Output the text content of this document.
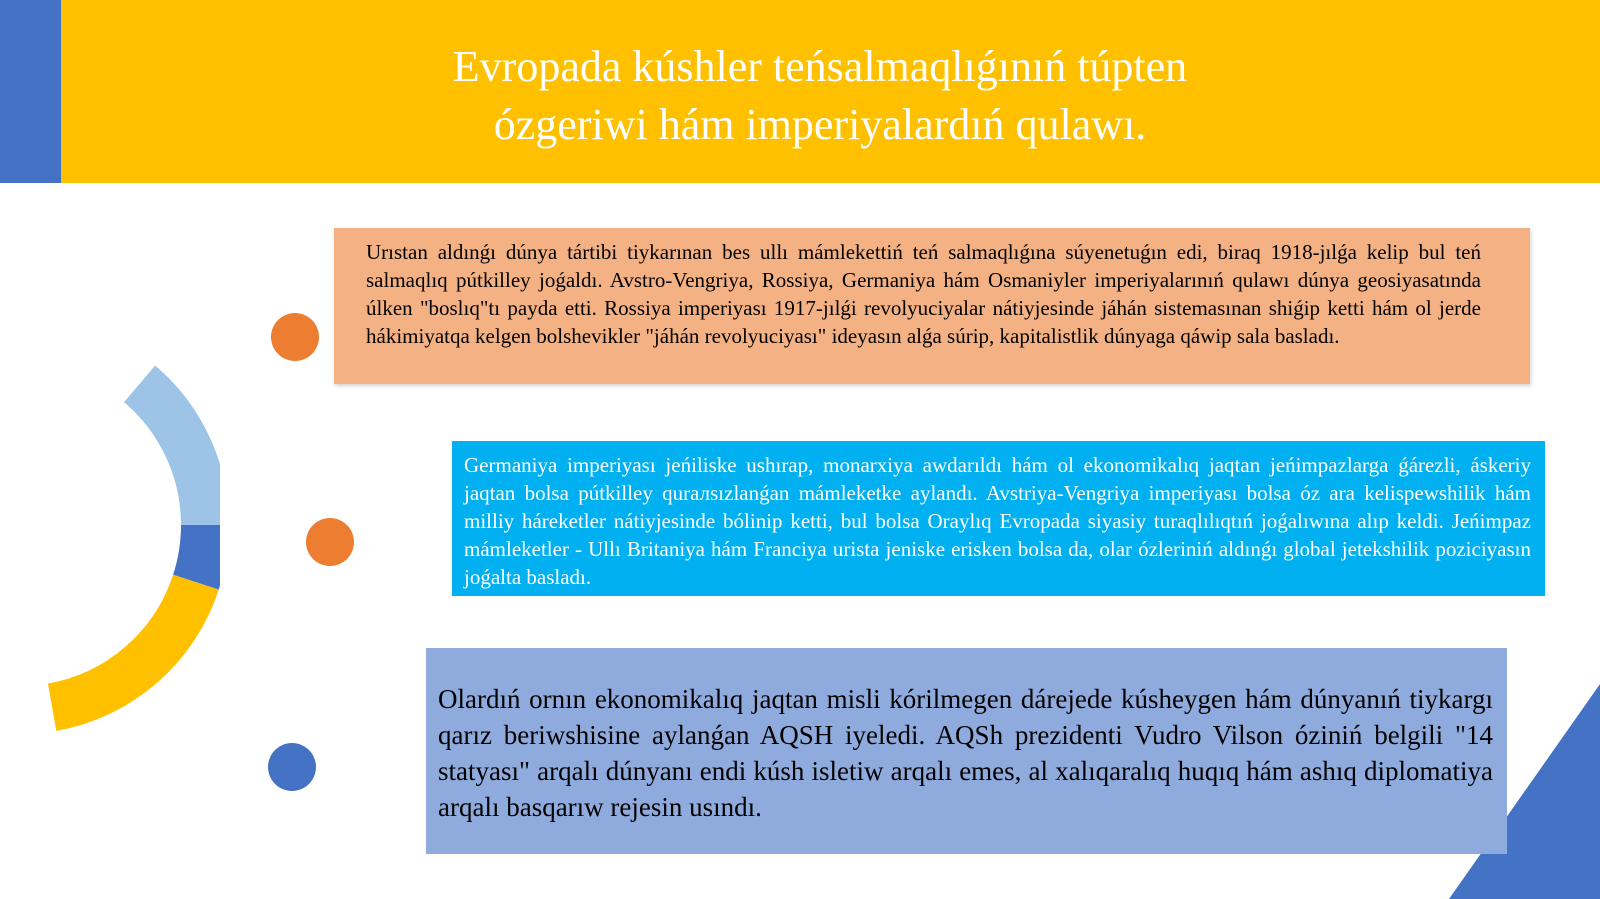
Evropada kúshler teńsalmaqlıǵınıń túpten
ózgeriwi hám imperiyalardıń qulawı.
Urıstan aldınǵı dúnya tártibi tiykarınan bes ullı mámlekettiń teń salmaqlıǵına súyenetuǵın edi, biraq 1918-jılǵa kelip bul teń salmaqlıq pútkilley joǵaldı. Avstro-Vengriya, Rossiya, Germaniya hám Osmaniyler imperiyalarınıń qulawı dúnya geosiyasatında úlken "boslıq"tı payda etti. Rossiya imperiyası 1917-jılǵi revolyuciyalar nátiyjesinde jáhán sistemasınan shiǵip ketti hám ol jerde hákimiyatqa kelgen bolshevikler "jáhán revolyuciyası" ideyasın alǵa súrip, kapitalistlik dúnyaga qáwip sala basladı.
Germaniya imperiyası jeńiliske ushırap, monarxiya awdarıldı hám ol ekonomikalıq jaqtan jeńimpazlarga ǵárezli, áskeriy jaqtan bolsa pútkilley qurалsızlanǵan mámleketke aylandı. Avstriya-Vengriya imperiyası bolsa óz ara kelispewshilik hám milliy háreketler nátiyjesinde bólinip ketti, bul bolsa Oraylıq Evropada siyasiy turaqlılıqtıń joǵalıwına alıp keldi. Jeńimpaz mámleketler - Ullı Britaniya hám Franciya urista jeniske erisken bolsa da, olar ózleriniń aldınǵı global jetekshilik poziciyasın joǵalta basladı.
Olardıń ornın ekonomikalıq jaqtan misli kórilmegen dárejede kúsheygen hám dúnyanıń tiykargı qarız beriwshisine aylanǵan AQSH iyeledi. AQSh prezidenti Vudro Vilson óziniń belgili "14 statyası" arqalı dúnyanı endi kúsh isletiw arqalı emes, al xalıqaralıq huqıq hám ashıq diplomatiya arqalı basqarıw rejesin usındı.
